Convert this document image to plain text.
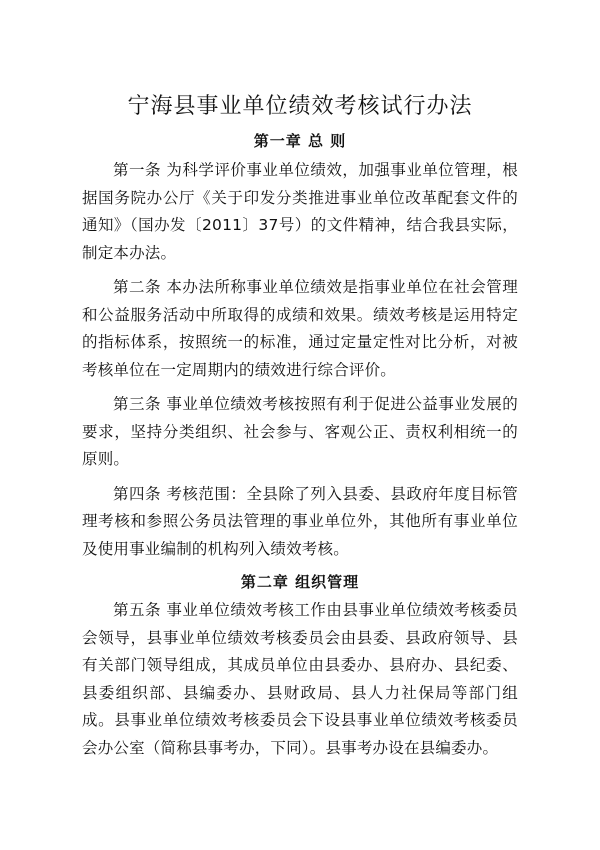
宁海县事业单位绩效考核试行办法
第一章 总 则

第一条 为科学评价事业单位绩效，加强事业单位管理，根据国务院办公厅《关于印发分类推进事业单位改革配套文件的通知》（国办发〔2011〕37号）的文件精神，结合我县实际，制定本办法。

第二条 本办法所称事业单位绩效是指事业单位在社会管理和公益服务活动中所取得的成绩和效果。绩效考核是运用特定的指标体系，按照统一的标准，通过定量定性对比分析，对被考核单位在一定周期内的绩效进行综合评价。

第三条 事业单位绩效考核按照有利于促进公益事业发展的要求，坚持分类组织、社会参与、客观公正、责权利相统一的原则。

第四条 考核范围：全县除了列入县委、县政府年度目标管理考核和参照公务员法管理的事业单位外，其他所有事业单位及使用事业编制的机构列入绩效考核。

第二章 组织管理

第五条 事业单位绩效考核工作由县事业单位绩效考核委员会领导，县事业单位绩效考核委员会由县委、县政府领导、县有关部门领导组成，其成员单位由县委办、县府办、县纪委、县委组织部、县编委办、县财政局、县人力社保局等部门组成。县事业单位绩效考核委员会下设县事业单位绩效考核委员会办公室（简称县事考办，下同）。县事考办设在县编委办。
